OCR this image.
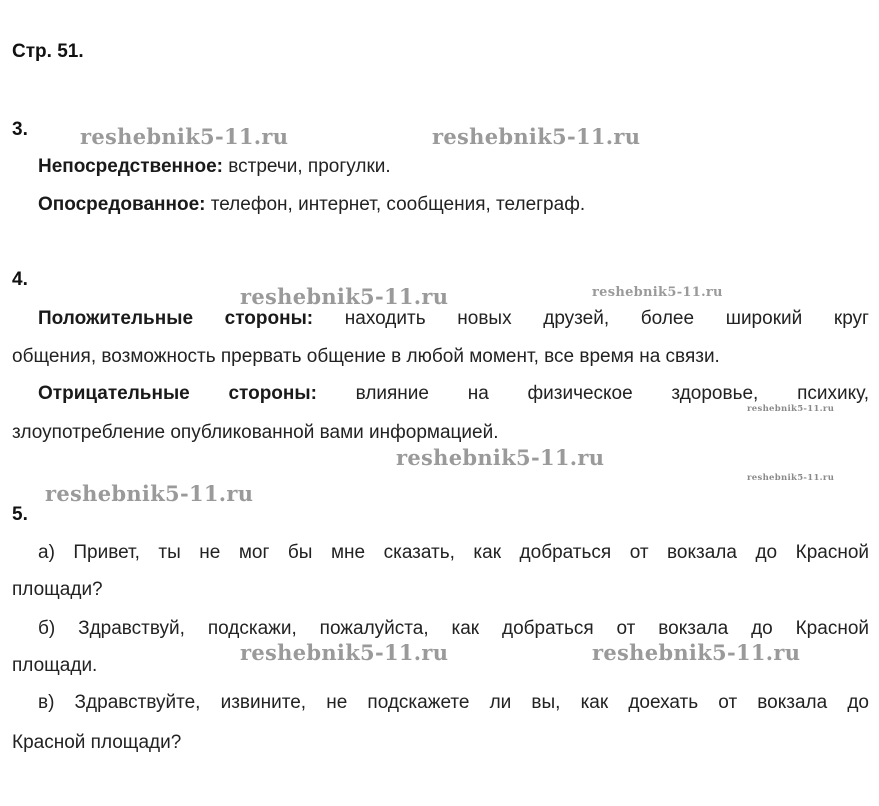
Стр. 51.
3.
Непосредственное: встречи, прогулки.
Опосредованное: телефон, интернет, сообщения, телеграф.
4.
Положительные стороны: находить новых друзей, более широкий круг
общения, возможность прервать общение в любой момент, все время на связи.
Отрицательные стороны: влияние на физическое здоровье, психику,
злоупотребление опубликованной вами информацией.
5.
а) Привет, ты не мог бы мне сказать, как добраться от вокзала до Красной
площади?
б) Здравствуй, подскажи, пожалуйста, как добраться от вокзала до Красной
площади.
в) Здравствуйте, извините, не подскажете ли вы, как доехать от вокзала до
Красной площади?
reshebnik5-11.ru	reshebnik5-11.ru
reshebnik5-11.ru	reshebnik5-11.ru
reshebnik5-11.ru
reshebnik5-11.ru
reshebnik5-11.ru
reshebnik5-11.ru
reshebnik5-11.ru	reshebnik5-11.ru
